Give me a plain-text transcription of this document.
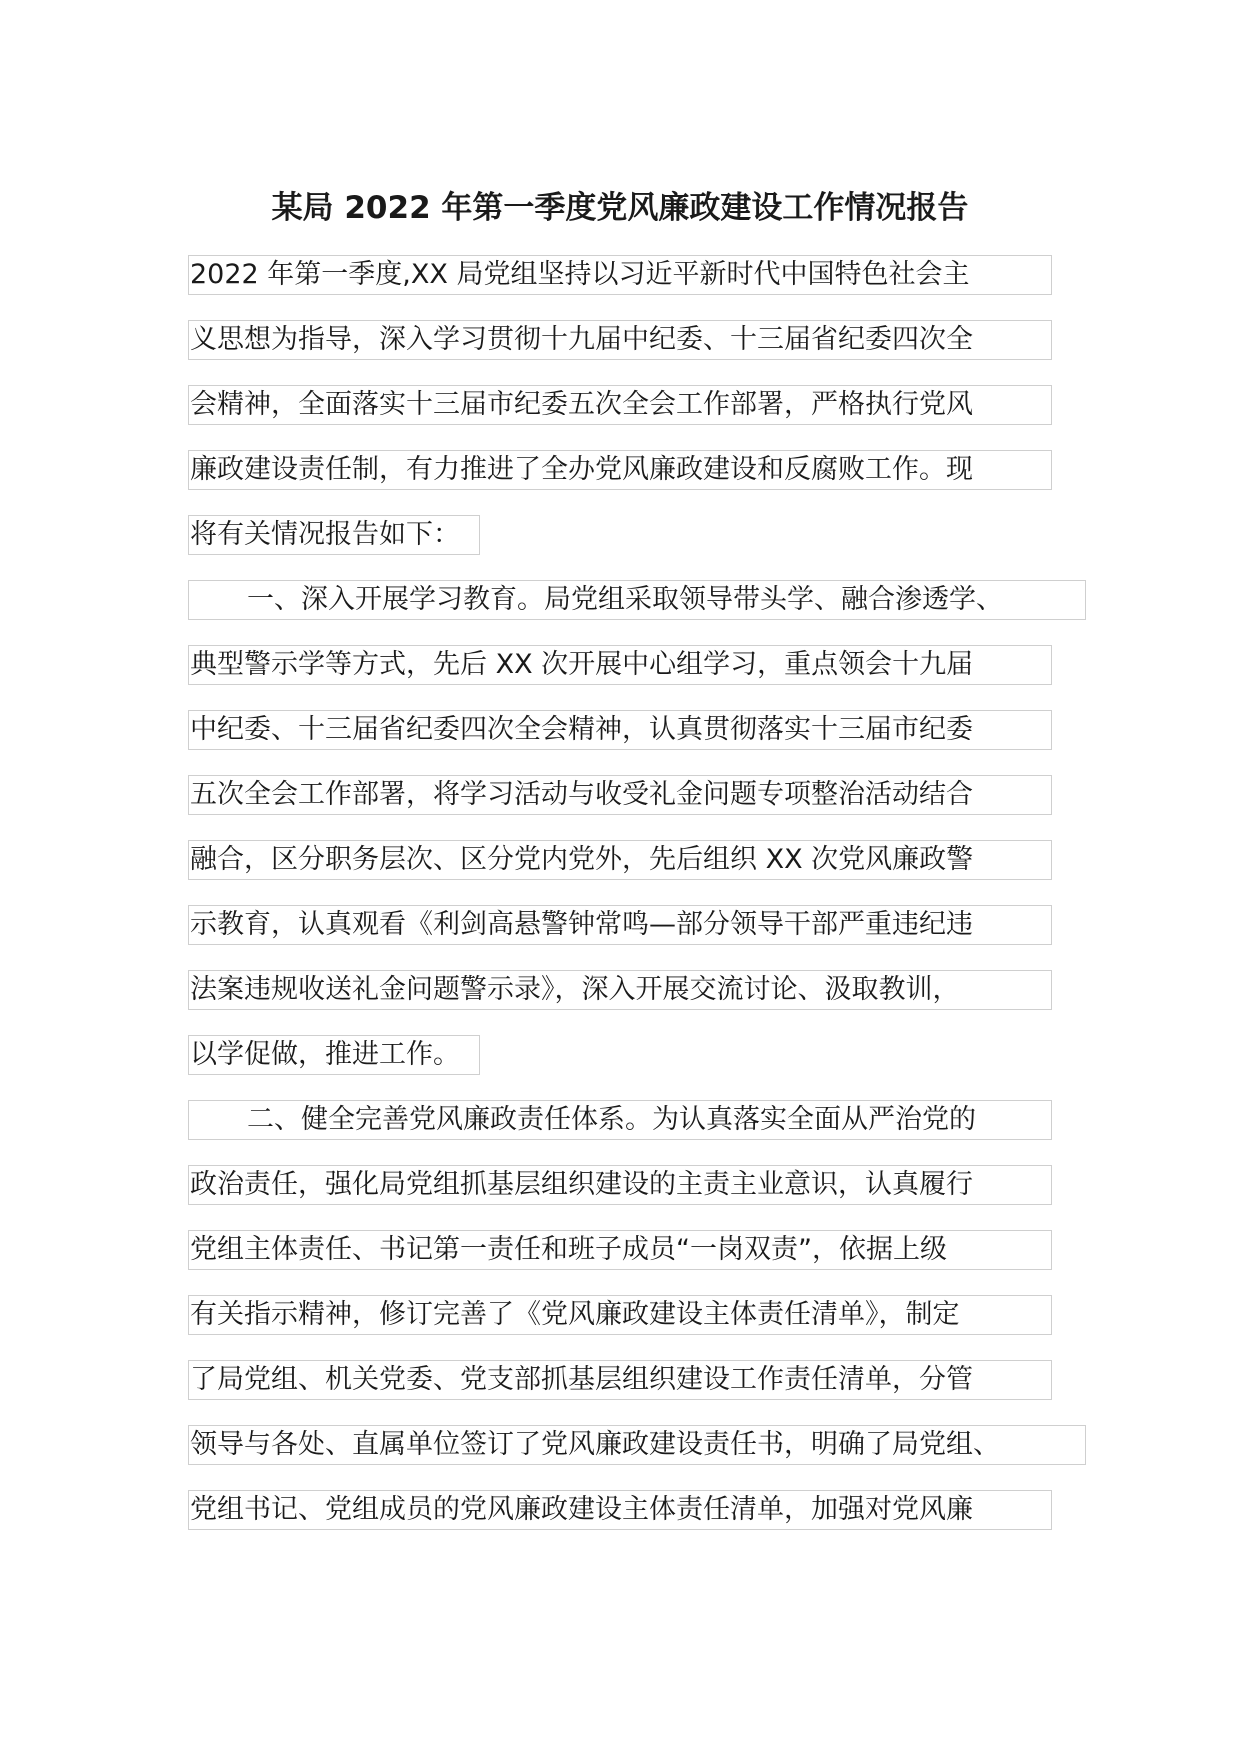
某局 2022 年第一季度党风廉政建设工作情况报告
2022 年第一季度,XX 局党组坚持以习近平新时代中国特色社会主
义思想为指导，深入学习贯彻十九届中纪委、十三届省纪委四次全
会精神，全面落实十三届市纪委五次全会工作部署，严格执行党风
廉政建设责任制，有力推进了全办党风廉政建设和反腐败工作。现
将有关情况报告如下：
一、深入开展学习教育。局党组采取领导带头学、融合渗透学、
典型警示学等方式，先后 XX 次开展中心组学习，重点领会十九届
中纪委、十三届省纪委四次全会精神，认真贯彻落实十三届市纪委
五次全会工作部署，将学习活动与收受礼金问题专项整治活动结合
融合，区分职务层次、区分党内党外，先后组织 XX 次党风廉政警
示教育，认真观看《利剑高悬警钟常鸣—部分领导干部严重违纪违
法案违规收送礼金问题警示录》，深入开展交流讨论、汲取教训，
以学促做，推进工作。
二、健全完善党风廉政责任体系。为认真落实全面从严治党的
政治责任，强化局党组抓基层组织建设的主责主业意识，认真履行
党组主体责任、书记第一责任和班子成员“一岗双责”，依据上级
有关指示精神，修订完善了《党风廉政建设主体责任清单》，制定
了局党组、机关党委、党支部抓基层组织建设工作责任清单，分管
领导与各处、直属单位签订了党风廉政建设责任书，明确了局党组、
党组书记、党组成员的党风廉政建设主体责任清单，加强对党风廉
